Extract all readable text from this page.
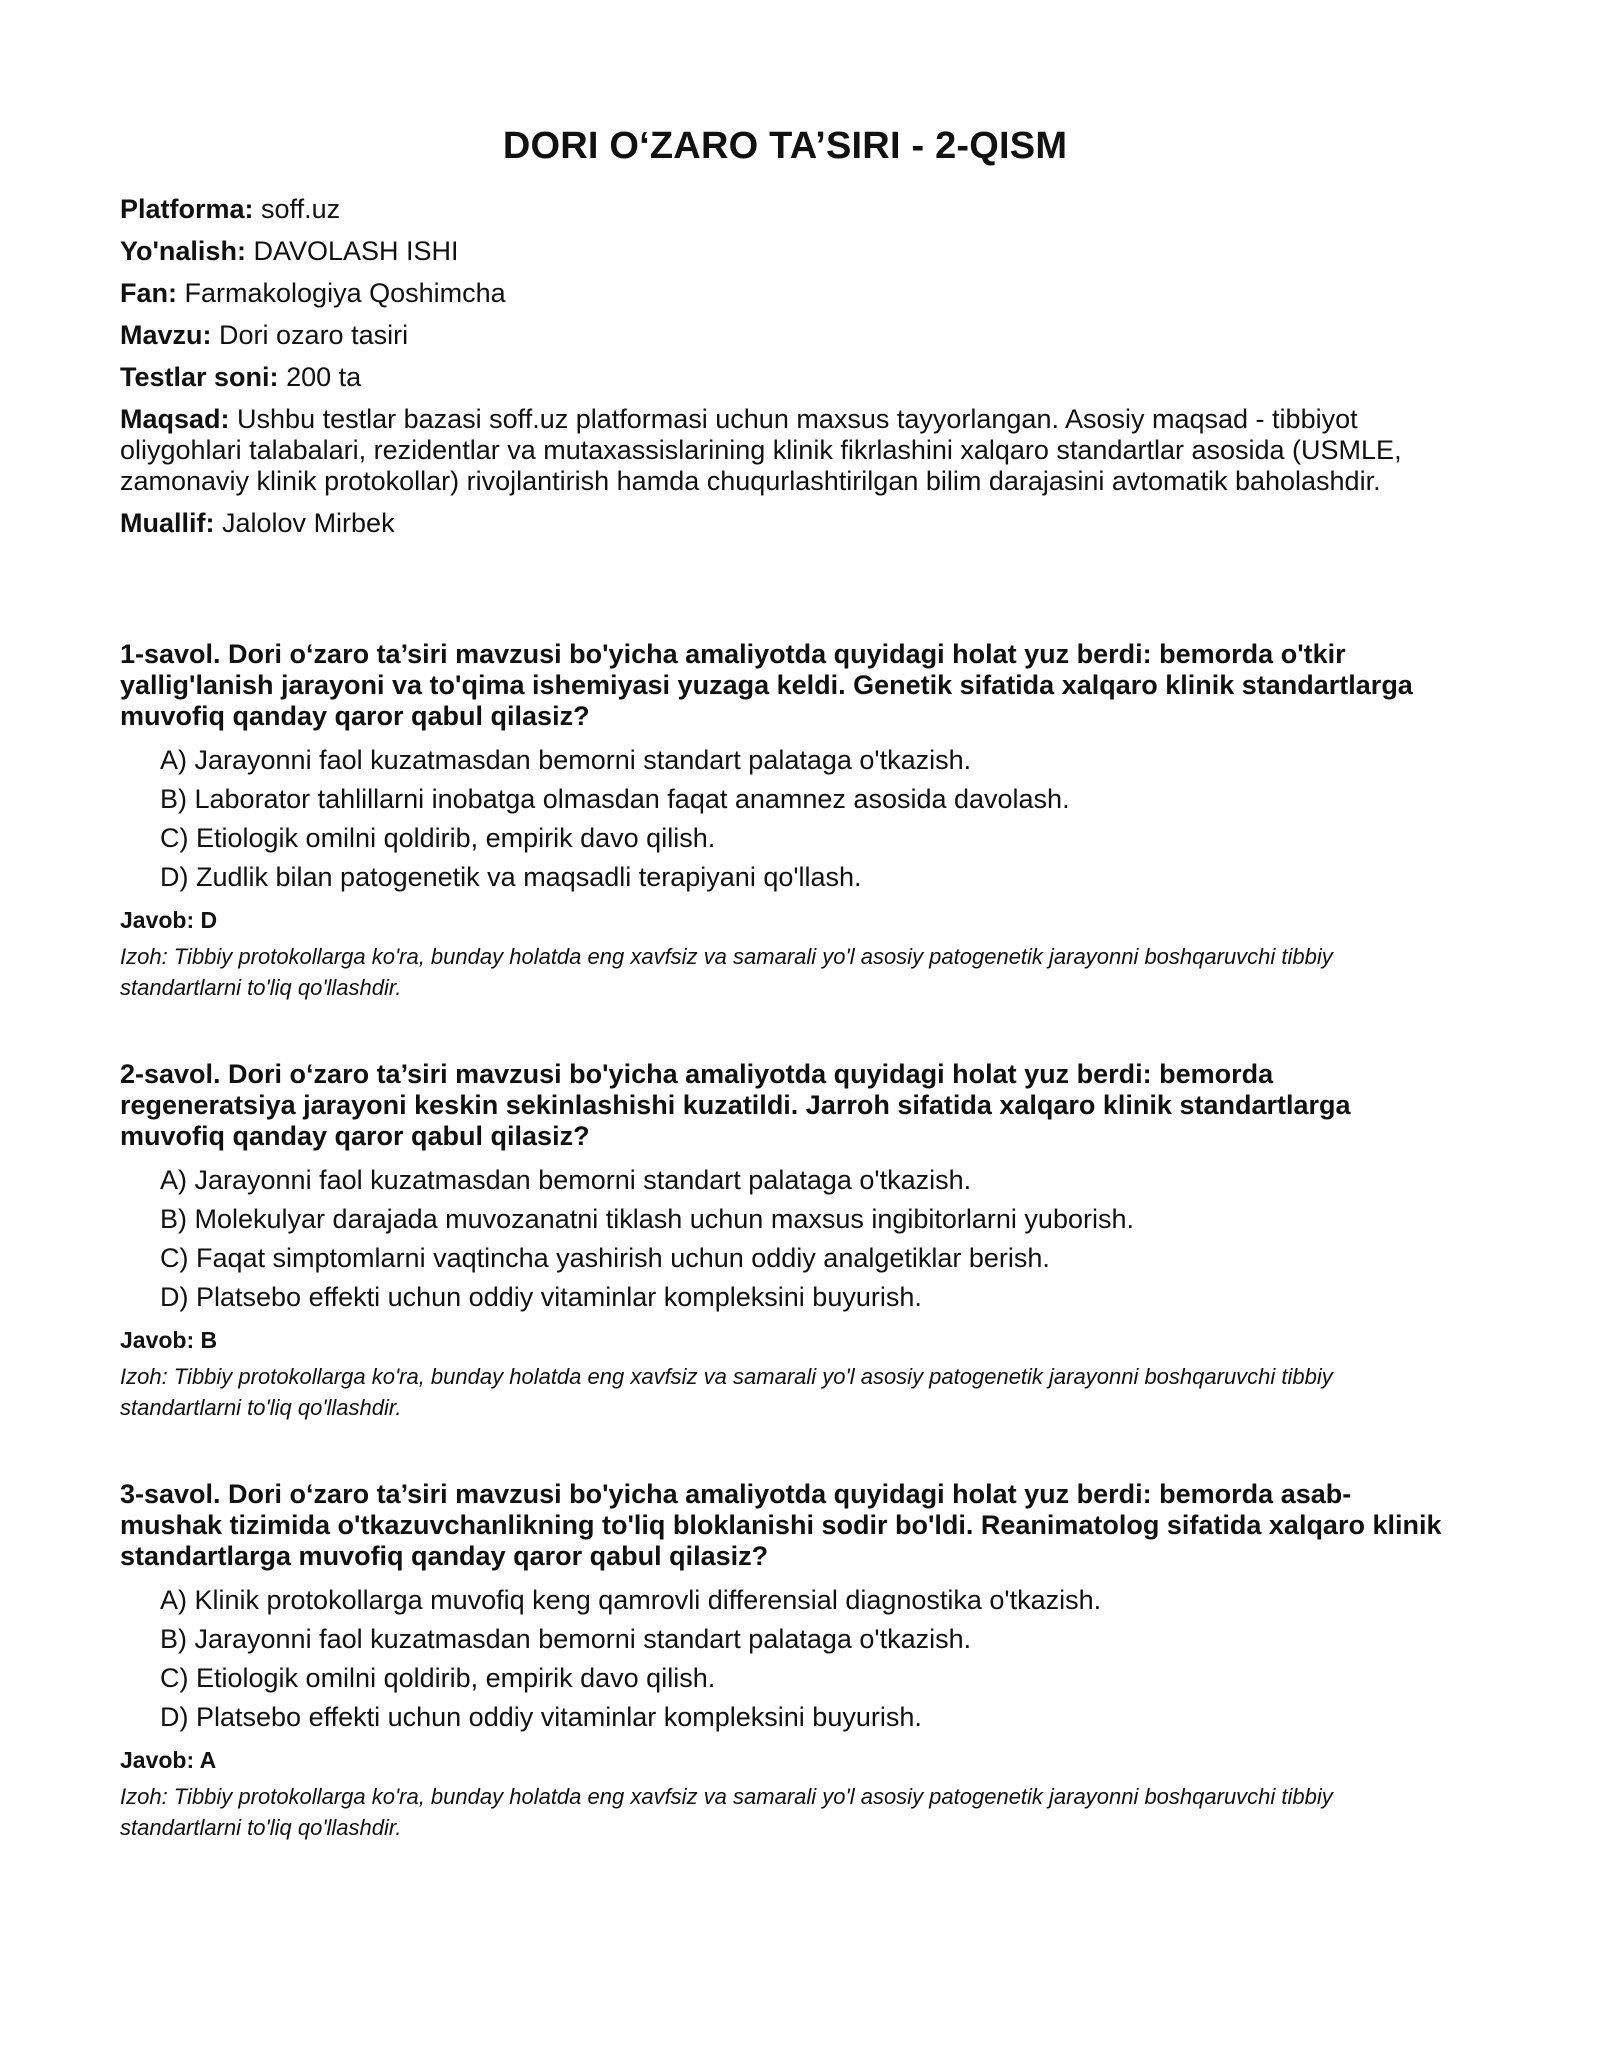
DORI O‘ZARO TA’SIRI - 2-QISM

Platforma: soff.uz

Yo'nalish: DAVOLASH ISHI

Fan: Farmakologiya Qoshimcha

Mavzu: Dori ozaro tasiri

Testlar soni: 200 ta

Maqsad: Ushbu testlar bazasi soff.uz platformasi uchun maxsus tayyorlangan. Asosiy maqsad - tibbiyot oliygohlari talabalari, rezidentlar va mutaxassislarining klinik fikrlashini xalqaro standartlar asosida (USMLE, zamonaviy klinik protokollar) rivojlantirish hamda chuqurlashtirilgan bilim darajasini avtomatik baholashdir.

Muallif: Jalolov Mirbek

1-savol. Dori o‘zaro ta’siri mavzusi bo'yicha amaliyotda quyidagi holat yuz berdi: bemorda o'tkir yallig'lanish jarayoni va to'qima ishemiyasi yuzaga keldi. Genetik sifatida xalqaro klinik standartlarga muvofiq qanday qaror qabul qilasiz?

A) Jarayonni faol kuzatmasdan bemorni standart palataga o'tkazish.
B) Laborator tahlillarni inobatga olmasdan faqat anamnez asosida davolash.
C) Etiologik omilni qoldirib, empirik davo qilish.
D) Zudlik bilan patogenetik va maqsadli terapiyani qo'llash.

Javob: D

Izoh: Tibbiy protokollarga ko'ra, bunday holatda eng xavfsiz va samarali yo'l asosiy patogenetik jarayonni boshqaruvchi tibbiy standartlarni to'liq qo'llashdir.

2-savol. Dori o‘zaro ta’siri mavzusi bo'yicha amaliyotda quyidagi holat yuz berdi: bemorda regeneratsiya jarayoni keskin sekinlashishi kuzatildi. Jarroh sifatida xalqaro klinik standartlarga muvofiq qanday qaror qabul qilasiz?

A) Jarayonni faol kuzatmasdan bemorni standart palataga o'tkazish.
B) Molekulyar darajada muvozanatni tiklash uchun maxsus ingibitorlarni yuborish.
C) Faqat simptomlarni vaqtincha yashirish uchun oddiy analgetiklar berish.
D) Platsebo effekti uchun oddiy vitaminlar kompleksini buyurish.

Javob: B

Izoh: Tibbiy protokollarga ko'ra, bunday holatda eng xavfsiz va samarali yo'l asosiy patogenetik jarayonni boshqaruvchi tibbiy standartlarni to'liq qo'llashdir.

3-savol. Dori o‘zaro ta’siri mavzusi bo'yicha amaliyotda quyidagi holat yuz berdi: bemorda asab-mushak tizimida o'tkazuvchanlikning to'liq bloklanishi sodir bo'ldi. Reanimatolog sifatida xalqaro klinik standartlarga muvofiq qanday qaror qabul qilasiz?

A) Klinik protokollarga muvofiq keng qamrovli differensial diagnostika o'tkazish.
B) Jarayonni faol kuzatmasdan bemorni standart palataga o'tkazish.
C) Etiologik omilni qoldirib, empirik davo qilish.
D) Platsebo effekti uchun oddiy vitaminlar kompleksini buyurish.

Javob: A

Izoh: Tibbiy protokollarga ko'ra, bunday holatda eng xavfsiz va samarali yo'l asosiy patogenetik jarayonni boshqaruvchi tibbiy standartlarni to'liq qo'llashdir.
